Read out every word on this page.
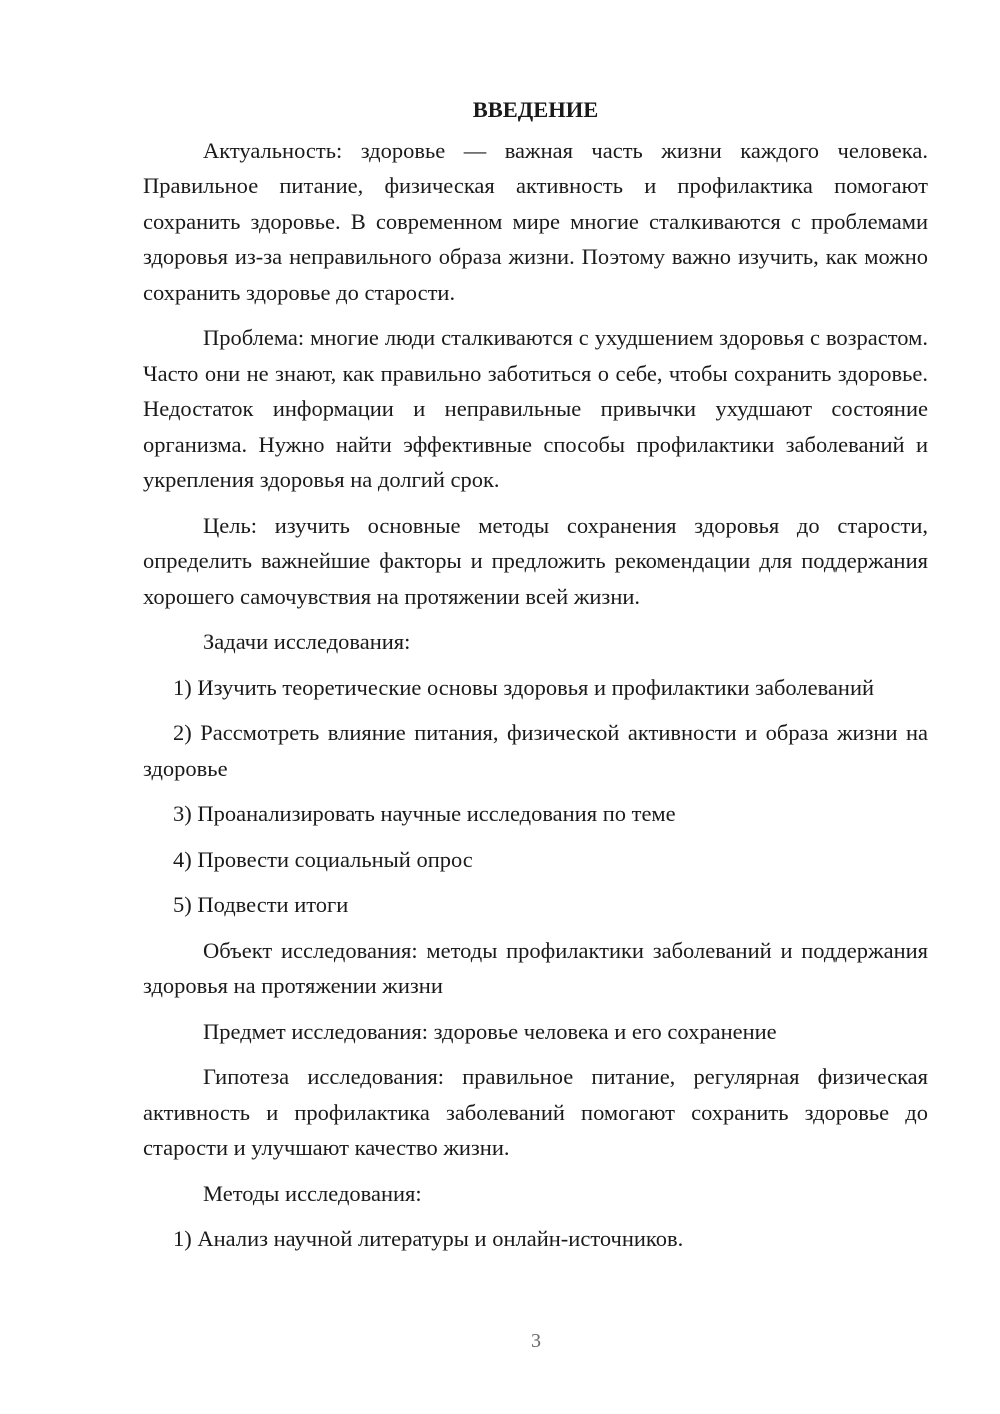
ВВЕДЕНИЕ

Актуальность: здоровье — важная часть жизни каждого человека. Правильное питание, физическая активность и профилактика помогают сохранить здоровье. В современном мире многие сталкиваются с проблемами здоровья из-за неправильного образа жизни. Поэтому важно изучить, как можно сохранить здоровье до старости.

Проблема: многие люди сталкиваются с ухудшением здоровья с возрастом. Часто они не знают, как правильно заботиться о себе, чтобы сохранить здоровье. Недостаток информации и неправильные привычки ухудшают состояние организма. Нужно найти эффективные способы профилактики заболеваний и укрепления здоровья на долгий срок.

Цель: изучить основные методы сохранения здоровья до старости, определить важнейшие факторы и предложить рекомендации для поддержания хорошего самочувствия на протяжении всей жизни.

Задачи исследования:

1) Изучить теоретические основы здоровья и профилактики заболеваний

2) Рассмотреть влияние питания, физической активности и образа жизни на здоровье

3) Проанализировать научные исследования по теме

4) Провести социальный опрос

5) Подвести итоги

Объект исследования: методы профилактики заболеваний и поддержания здоровья на протяжении жизни

Предмет исследования: здоровье человека и его сохранение

Гипотеза исследования: правильное питание, регулярная физическая активность и профилактика заболеваний помогают сохранить здоровье до старости и улучшают качество жизни.

Методы исследования:

1) Анализ научной литературы и онлайн-источников.

3
